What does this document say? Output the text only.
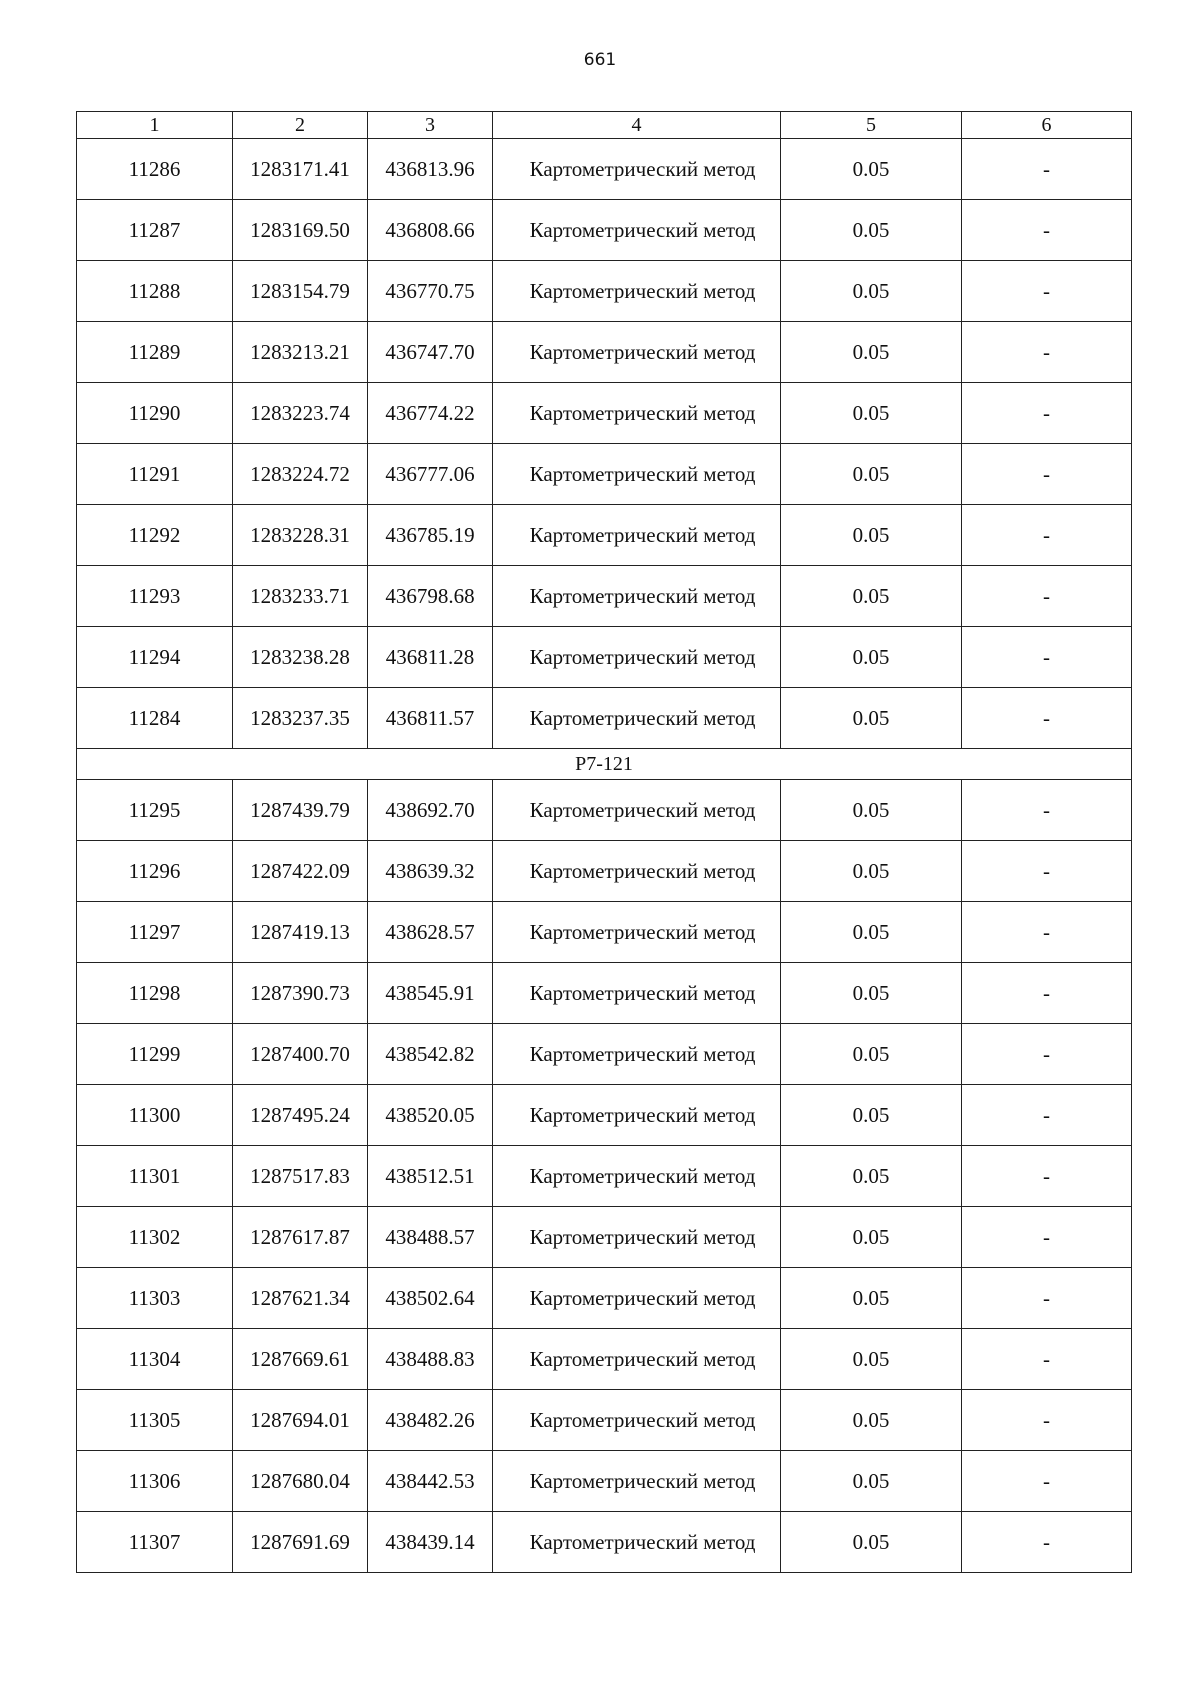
661
1	2	3	4	5	6
11286	1283171.41	436813.96	Картометрический метод	0.05	-
11287	1283169.50	436808.66	Картометрический метод	0.05	-
11288	1283154.79	436770.75	Картометрический метод	0.05	-
11289	1283213.21	436747.70	Картометрический метод	0.05	-
11290	1283223.74	436774.22	Картометрический метод	0.05	-
11291	1283224.72	436777.06	Картометрический метод	0.05	-
11292	1283228.31	436785.19	Картометрический метод	0.05	-
11293	1283233.71	436798.68	Картометрический метод	0.05	-
11294	1283238.28	436811.28	Картометрический метод	0.05	-
11284	1283237.35	436811.57	Картометрический метод	0.05	-
Р7-121					
11295	1287439.79	438692.70	Картометрический метод	0.05	-
11296	1287422.09	438639.32	Картометрический метод	0.05	-
11297	1287419.13	438628.57	Картометрический метод	0.05	-
11298	1287390.73	438545.91	Картометрический метод	0.05	-
11299	1287400.70	438542.82	Картометрический метод	0.05	-
11300	1287495.24	438520.05	Картометрический метод	0.05	-
11301	1287517.83	438512.51	Картометрический метод	0.05	-
11302	1287617.87	438488.57	Картометрический метод	0.05	-
11303	1287621.34	438502.64	Картометрический метод	0.05	-
11304	1287669.61	438488.83	Картометрический метод	0.05	-
11305	1287694.01	438482.26	Картометрический метод	0.05	-
11306	1287680.04	438442.53	Картометрический метод	0.05	-
11307	1287691.69	438439.14	Картометрический метод	0.05	-
